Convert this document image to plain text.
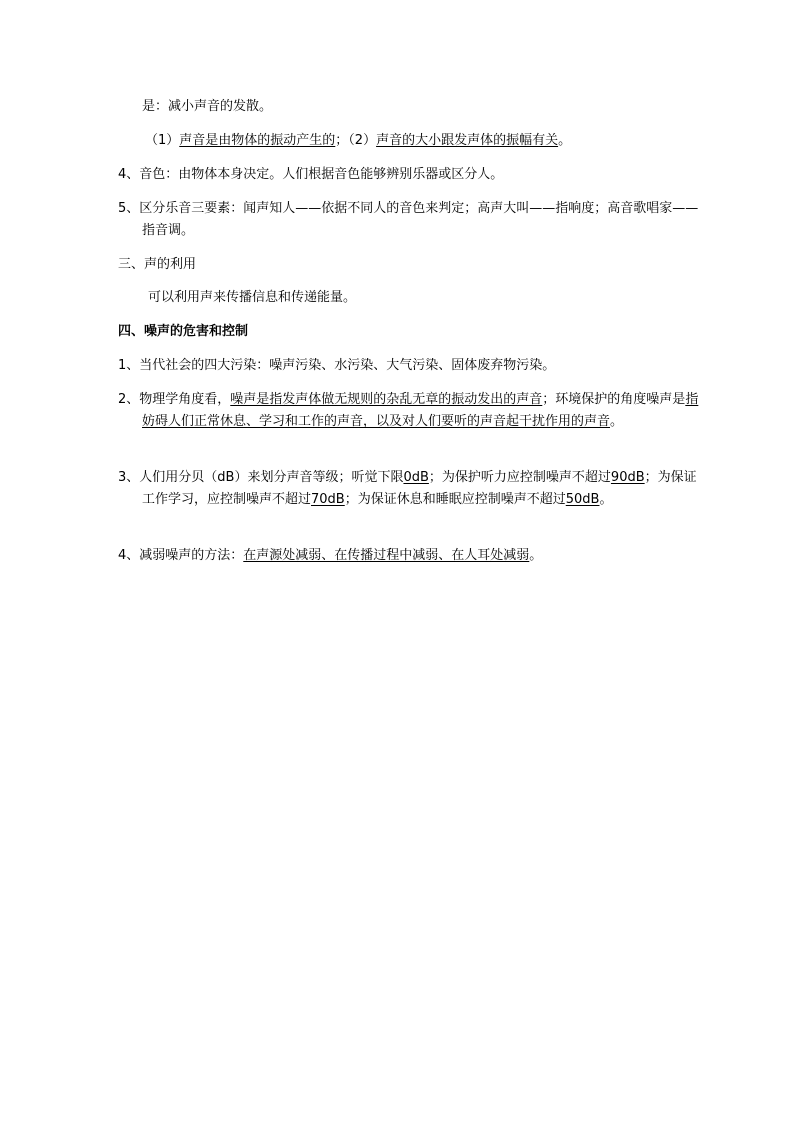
是：减小声音的发散。

（1）声音是由物体的振动产生的；（2）声音的大小跟发声体的振幅有关。

4、音色：由物体本身决定。人们根据音色能够辨别乐器或区分人。

5、区分乐音三要素：闻声知人——依据不同人的音色来判定；高声大叫——指响度；高音歌唱家——指音调。

三、声的利用

可以利用声来传播信息和传递能量。

四、噪声的危害和控制

1、当代社会的四大污染：噪声污染、水污染、大气污染、固体废弃物污染。

2、物理学角度看，噪声是指发声体做无规则的杂乱无章的振动发出的声音；环境保护的角度噪声是指妨碍人们正常休息、学习和工作的声音，以及对人们要听的声音起干扰作用的声音。

3、人们用分贝（dB）来划分声音等级；听觉下限0dB；为保护听力应控制噪声不超过90dB；为保证工作学习，应控制噪声不超过70dB；为保证休息和睡眠应控制噪声不超过50dB。

4、减弱噪声的方法：在声源处减弱、在传播过程中减弱、在人耳处减弱。
